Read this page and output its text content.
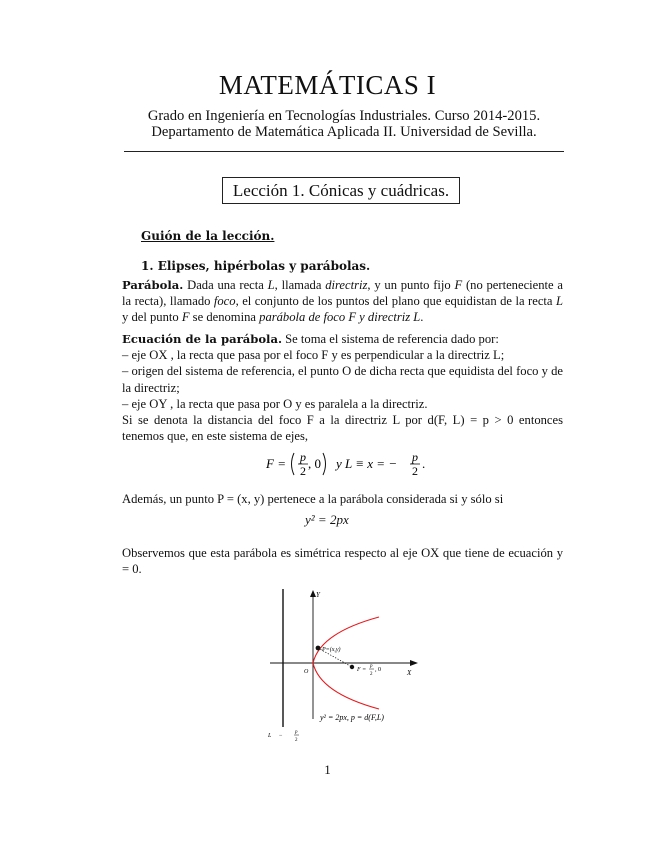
MATEMÁTICAS I
Grado en Ingeniería en Tecnologías Industriales. Curso 2014-2015.
Departamento de Matemática Aplicada II. Universidad de Sevilla.
Lección 1. Cónicas y cuádricas.
Guión de la lección.
1. Elipses, hipérbolas y parábolas.
Parábola. Dada una recta L, llamada directriz, y un punto fijo F (no perteneciente a la recta), llamado foco, el conjunto de los puntos del plano que equidistan de la recta L y del punto F se denomina parábola de foco F y directriz L.
Ecuación de la parábola. Se toma el sistema de referencia dado por:
– eje OX , la recta que pasa por el foco F y es perpendicular a la directriz L;
– origen del sistema de referencia, el punto O de dicha recta que equidista del foco y de la directriz;
– eje OY , la recta que pasa por O y es paralela a la directriz.
Si se denota la distancia del foco F a la directriz L por d(F, L) = p > 0 entonces tenemos que, en este sistema de ejes,
F = p
2 , 0 y L ≡ x = − p
2 .
Además, un punto P = (x, y) pertenece a la parábola considerada si y sólo si
y² = 2px
Observemos que esta parábola es simétrica respecto al eje OX que tiene de ecuación y = 0.
Y
X
O
P=(x,y)
F =
p
2
, 0
y² = 2px, p = d(F,L)
L −
p
2
1
